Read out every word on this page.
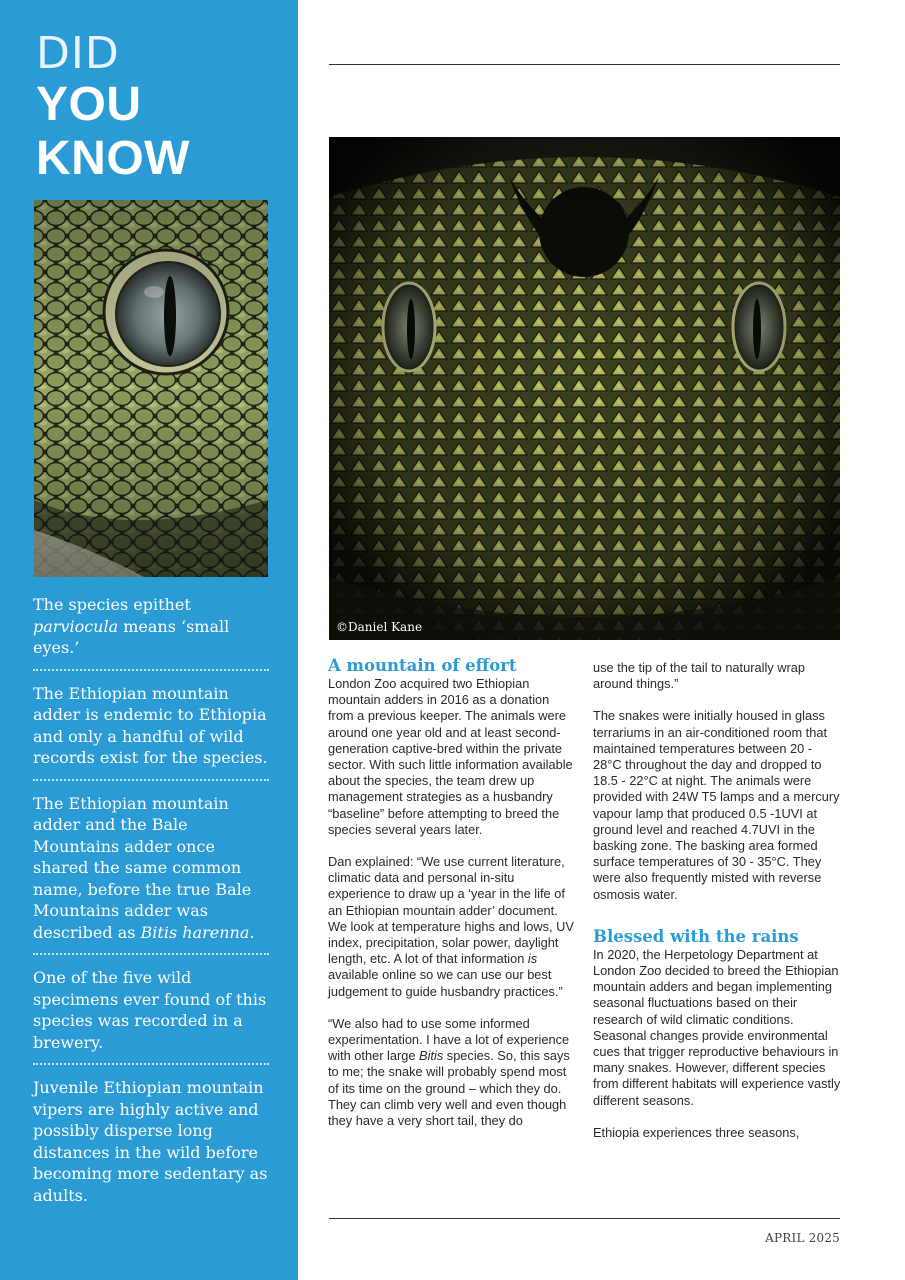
DID
YOU
KNOW
The species epithet parviocula means ‘small eyes.’
The Ethiopian mountain adder is endemic to Ethiopia and only a handful of wild records exist for the species.
The Ethiopian mountain adder and the Bale Mountains adder once shared the same common name, before the true Bale Mountains adder was described as Bitis harenna.
One of the five wild specimens ever found of this species was recorded in a brewery.
Juvenile Ethiopian mountain vipers are highly active and possibly disperse long distances in the wild before becoming more sedentary as adults.
©Daniel Kane
A mountain of effort

London Zoo acquired two Ethiopian mountain adders in 2016 as a donation from a previous keeper. The animals were around one year old and at least second-generation captive-bred within the private sector. With such little information available about the species, the team drew up management strategies as a husbandry “baseline” before attempting to breed the species several years later.

Dan explained: “We use current literature, climatic data and personal in-situ experience to draw up a ‘year in the life of an Ethiopian mountain adder’ document. We look at temperature highs and lows, UV index, precipitation, solar power, daylight length, etc. A lot of that information is available online so we can use our best judgement to guide husbandry practices.”

“We also had to use some informed experimentation. I have a lot of experience with other large Bitis species. So, this says to me; the snake will probably spend most of its time on the ground – which they do. They can climb very well and even though they have a very short tail, they do

use the tip of the tail to naturally wrap around things.”

The snakes were initially housed in glass terrariums in an air-conditioned room that maintained temperatures between 20 - 28°C throughout the day and dropped to 18.5 - 22°C at night. The animals were provided with 24W T5 lamps and a mercury vapour lamp that produced 0.5 -1UVI at ground level and reached 4.7UVI in the basking zone. The basking area formed surface temperatures of 30 - 35°C. They were also frequently misted with reverse osmosis water.

Blessed with the rains

In 2020, the Herpetology Department at London Zoo decided to breed the Ethiopian mountain adders and began implementing seasonal fluctuations based on their research of wild climatic conditions. Seasonal changes provide environmental cues that trigger reproductive behaviours in many snakes. However, different species from different habitats will experience vastly different seasons.

Ethiopia experiences three seasons,

APRIL 2025
